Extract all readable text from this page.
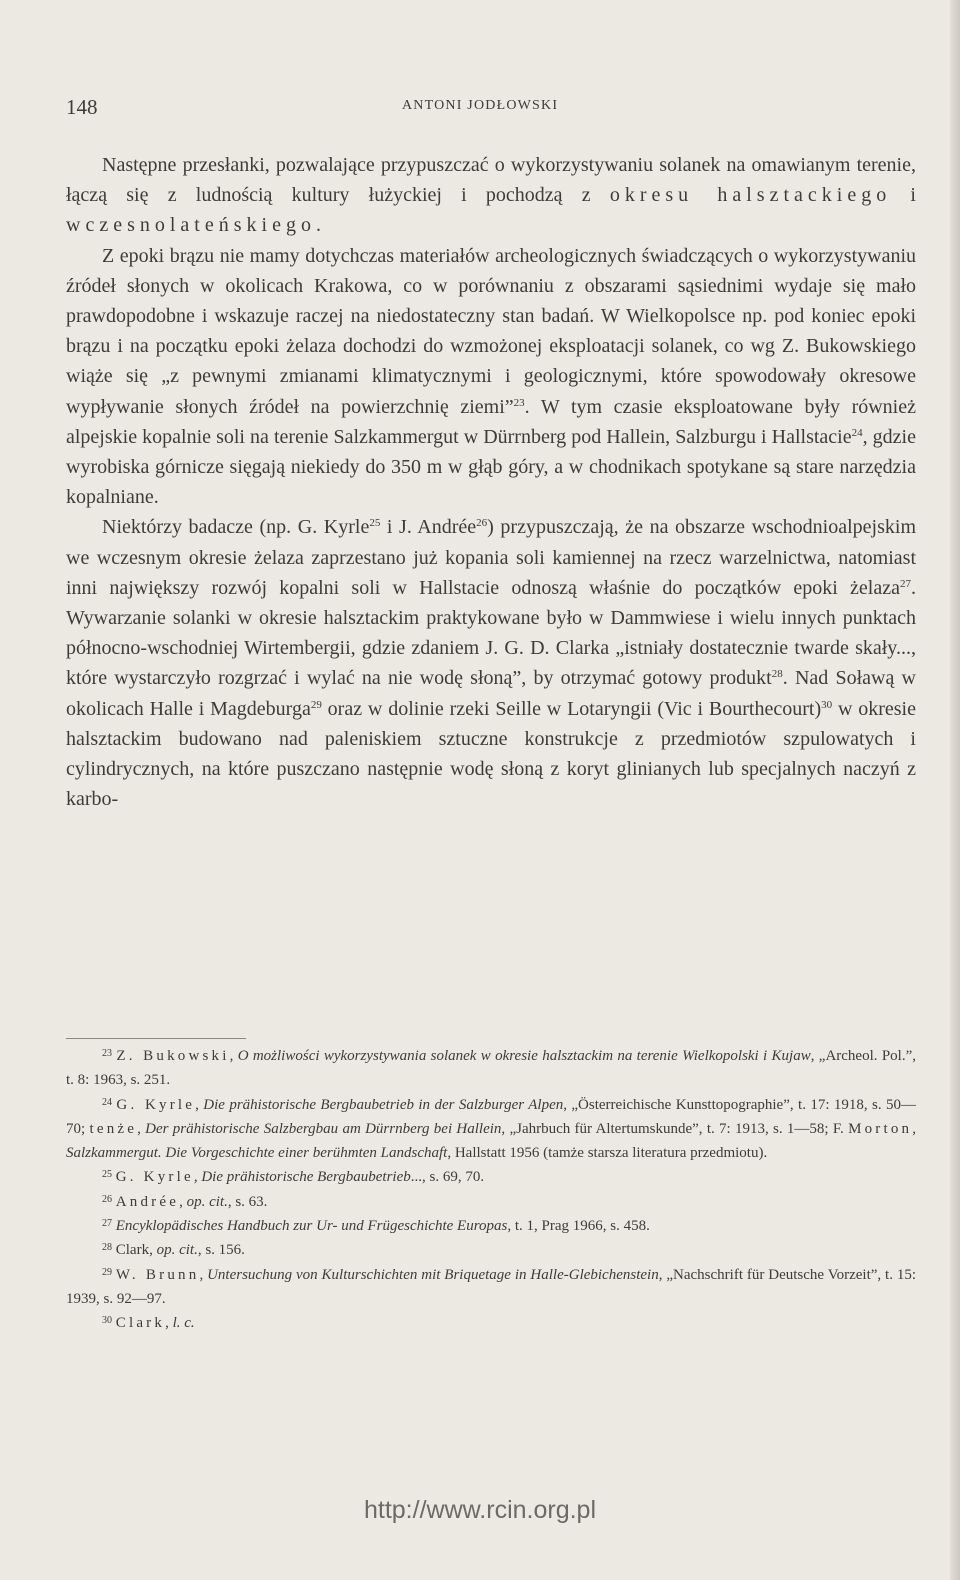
148	ANTONI JODŁOWSKI

Następne przesłanki, pozwalające przypuszczać o wykorzystywaniu solanek na omawianym terenie, łączą się z ludnością kultury łużyckiej i pochodzą z okresu halsztackiego i wczesnolateńskiego.

Z epoki brązu nie mamy dotychczas materiałów archeologicznych świadczących o wykorzystywaniu źródeł słonych w okolicach Krakowa, co w porównaniu z obszarami sąsiednimi wydaje się mało prawdopodobne i wskazuje raczej na niedostateczny stan badań. W Wielkopolsce np. pod koniec epoki brązu i na początku epoki żelaza dochodzi do wzmożonej eksploatacji solanek, co wg Z. Bukowskiego wiąże się „z pewnymi zmianami klimatycznymi i geologicznymi, które spowodowały okresowe wypływanie słonych źródeł na powierzchnię ziemi”$^{23}$. W tym czasie eksploatowane były również alpejskie kopalnie soli na terenie Salzkammergut w Dürrnberg pod Hallein, Salzburgu i Hallstacie$^{24}$, gdzie wyrobiska górnicze sięgają niekiedy do 350 m w głąb góry, a w chodnikach spotykane są stare narzędzia kopalniane.

Niektórzy badacze (np. G. Kyrle$^{25}$ i J. Andrée$^{26}$) przypuszczają, że na obszarze wschodnioalpejskim we wczesnym okresie żelaza zaprzestano już kopania soli kamiennej na rzecz warzelnictwa, natomiast inni największy rozwój kopalni soli w Hallstacie odnoszą właśnie do początków epoki żelaza$^{27}$. Wywarzanie solanki w okresie halsztackim praktykowane było w Dammwiese i wielu innych punktach północno-wschodniej Wirtembergii, gdzie zdaniem J. G. D. Clarka „istniały dostatecznie twarde skały..., które wystarczyło rozgrzać i wylać na nie wodę słoną”, by otrzymać gotowy produkt$^{28}$. Nad Soławą w okolicach Halle i Magdeburga$^{29}$ oraz w dolinie rzeki Seille w Lotaryngii (Vic i Bourthecourt)$^{30}$ w okresie halsztackim budowano nad paleniskiem sztuczne konstrukcje z przedmiotów szpulowatych i cylindrycznych, na które puszczano następnie wodę słoną z koryt glinianych lub specjalnych naczyń z karbo-

$^{23}$ Z. Bukowski, O możliwości wykorzystywania solanek w okresie halsztackim na terenie Wielkopolski i Kujaw, „Archeol. Pol.”, t. 8: 1963, s. 251.

$^{24}$ G. Kyrle, Die prähistorische Bergbaubetrieb in der Salzburger Alpen, „Österreichische Kunsttopographie”, t. 17: 1918, s. 50—70; tenże, Der prähistorische Salzbergbau am Dürrnberg bei Hallein, „Jahrbuch für Altertumskunde”, t. 7: 1913, s. 1—58; F. Morton, Salzkammergut. Die Vorgeschichte einer berühmten Landschaft, Hallstatt 1956 (tamże starsza literatura przedmiotu).

$^{25}$ G. Kyrle, Die prähistorische Bergbaubetrieb..., s. 69, 70.

$^{26}$ Andrée, op. cit., s. 63.

$^{27}$ Encyklopädisches Handbuch zur Ur- und Frügeschichte Europas, t. 1, Prag 1966, s. 458.

$^{28}$ Clark, op. cit., s. 156.

$^{29}$ W. Brunn, Untersuchung von Kulturschichten mit Briquetage in Halle-Glebichenstein, „Nachschrift für Deutsche Vorzeit”, t. 15: 1939, s. 92—97.

$^{30}$ Clark, l. c.

http://www.rcin.org.pl
